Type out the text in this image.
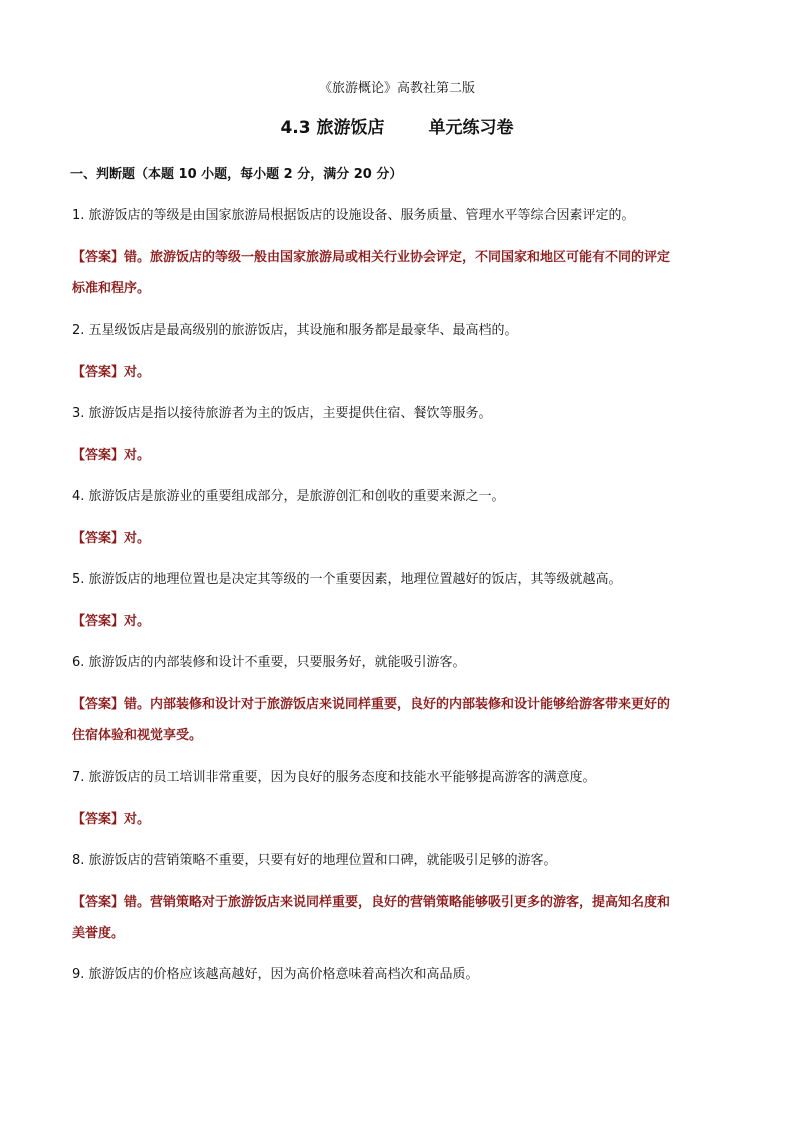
《旅游概论》高教社第二版
4.3 旅游饭店	单元练习卷
一、判断题（本题 10 小题，每小题 2 分，满分 20 分）
1. 旅游饭店的等级是由国家旅游局根据饭店的设施设备、服务质量、管理水平等综合因素评定的。
【答案】错。旅游饭店的等级一般由国家旅游局或相关行业协会评定，不同国家和地区可能有不同的评定
标准和程序。
2. 五星级饭店是最高级别的旅游饭店，其设施和服务都是最豪华、最高档的。
【答案】对。
3. 旅游饭店是指以接待旅游者为主的饭店，主要提供住宿、餐饮等服务。
【答案】对。
4. 旅游饭店是旅游业的重要组成部分，是旅游创汇和创收的重要来源之一。
【答案】对。
5. 旅游饭店的地理位置也是决定其等级的一个重要因素，地理位置越好的饭店，其等级就越高。
【答案】对。
6. 旅游饭店的内部装修和设计不重要，只要服务好，就能吸引游客。
【答案】错。内部装修和设计对于旅游饭店来说同样重要，良好的内部装修和设计能够给游客带来更好的
住宿体验和视觉享受。
7. 旅游饭店的员工培训非常重要，因为良好的服务态度和技能水平能够提高游客的满意度。
【答案】对。
8. 旅游饭店的营销策略不重要，只要有好的地理位置和口碑，就能吸引足够的游客。
【答案】错。营销策略对于旅游饭店来说同样重要，良好的营销策略能够吸引更多的游客，提高知名度和
美誉度。
9. 旅游饭店的价格应该越高越好，因为高价格意味着高档次和高品质。
